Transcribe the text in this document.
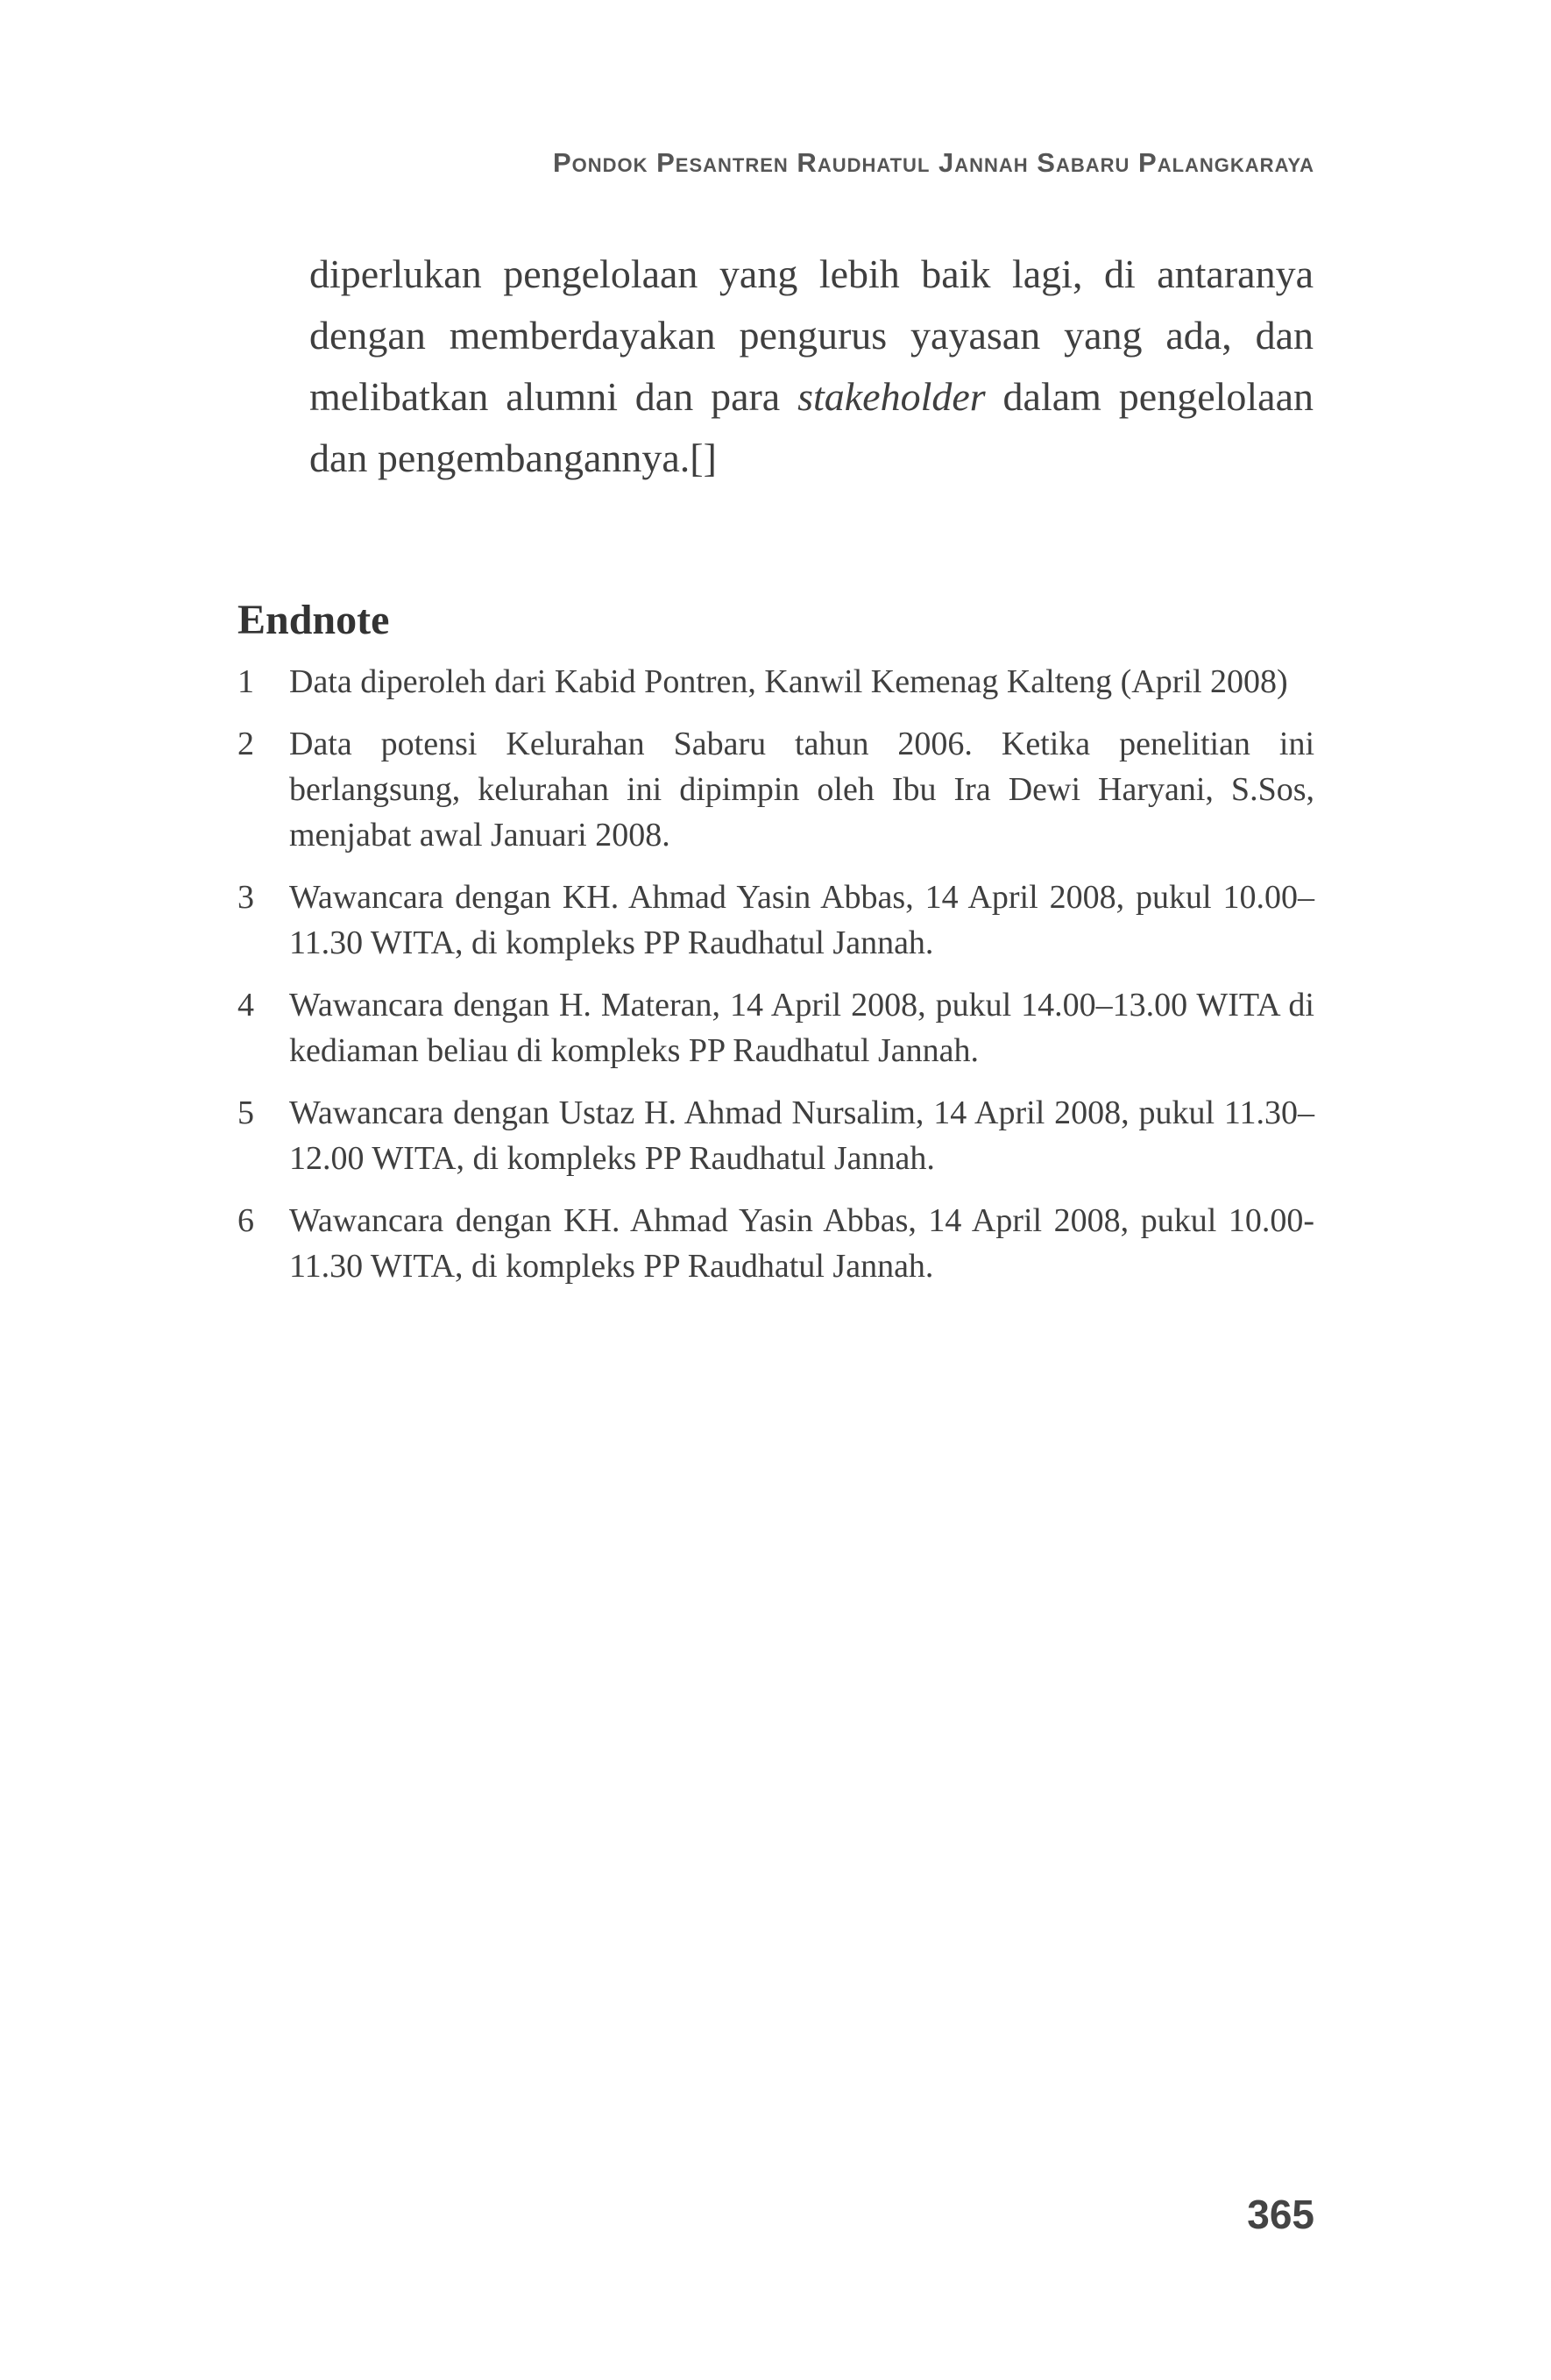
Pondok Pesantren Raudhatul Jannah Sabaru Palangkaraya

diperlukan pengelolaan yang lebih baik lagi, di antaranya dengan memberdayakan pengurus yayasan yang ada, dan melibatkan alumni dan para stakeholder dalam pengelolaan dan pengembangannya.[]

Endnote
1	Data diperoleh dari Kabid Pontren, Kanwil Kemenag Kalteng (April 2008)
2	Data potensi Kelurahan Sabaru tahun 2006. Ketika penelitian ini berlangsung, kelurahan ini dipimpin oleh Ibu Ira Dewi Haryani, S.Sos, menjabat awal Januari 2008.
3	Wawancara dengan KH. Ahmad Yasin Abbas, 14 April 2008, pukul 10.00–11.30 WITA, di kompleks PP Raudhatul Jannah.
4	Wawancara dengan H. Materan, 14 April 2008, pukul 14.00–13.00 WITA di kediaman beliau di kompleks PP Raudhatul Jannah.
5	Wawancara dengan Ustaz H. Ahmad Nursalim, 14 April 2008, pukul 11.30–12.00 WITA, di kompleks PP Raudhatul Jannah.
6	Wawancara dengan KH. Ahmad Yasin Abbas, 14 April 2008, pukul 10.00-11.30 WITA, di kompleks PP Raudhatul Jannah.
365
